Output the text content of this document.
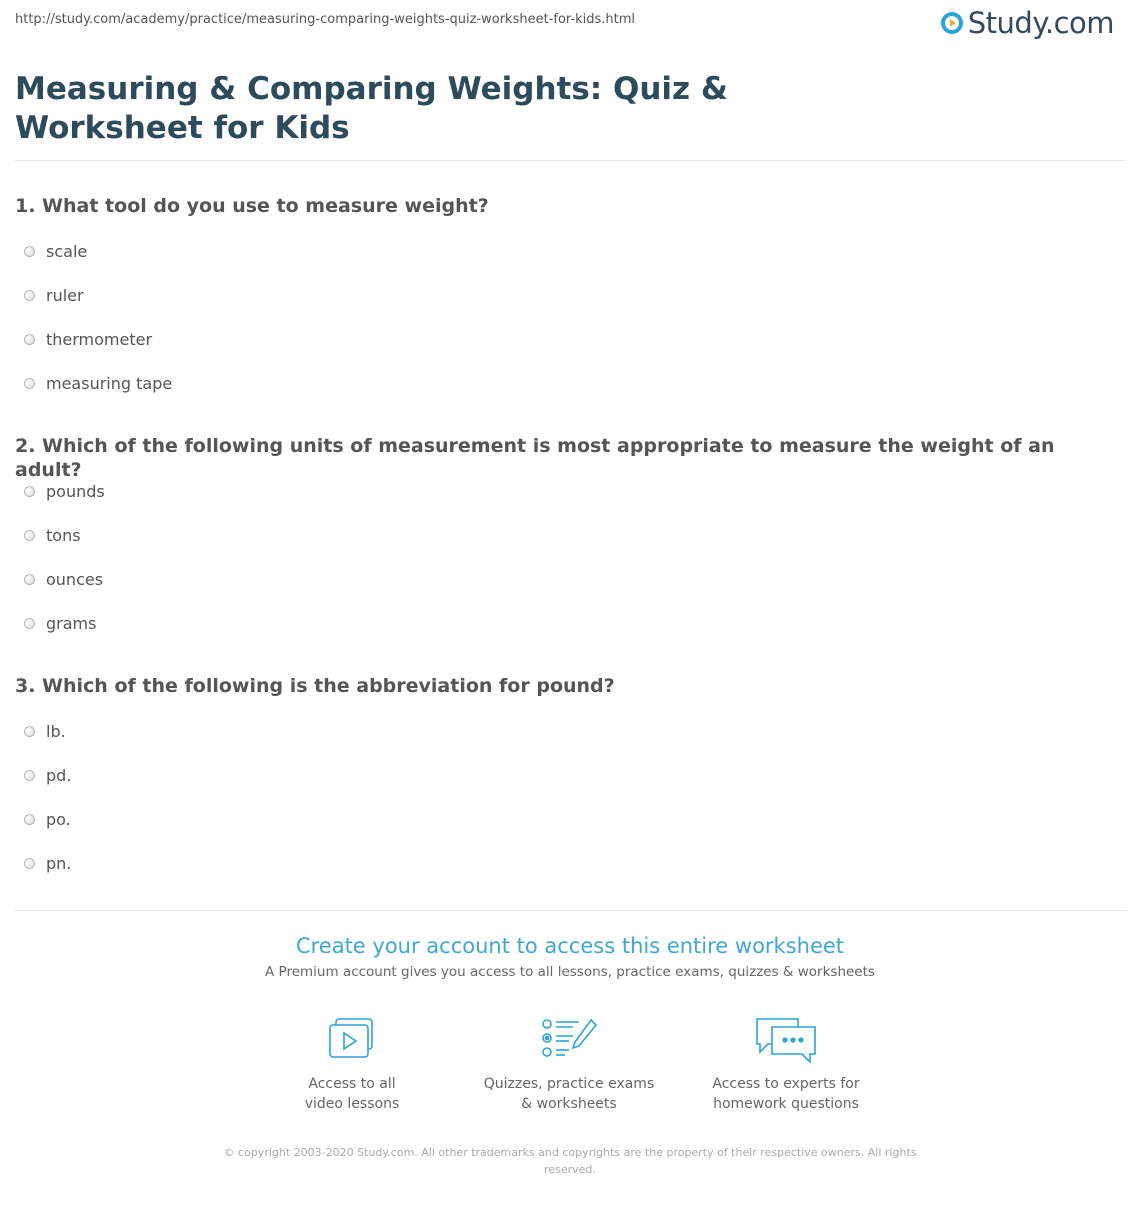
http://study.com/academy/practice/measuring-comparing-weights-quiz-worksheet-for-kids.html	Study.com
Measuring & Comparing Weights: Quiz & Worksheet for Kids

1. What tool do you use to measure weight?

scale
ruler
thermometer
measuring tape

2. Which of the following units of measurement is most appropriate to measure the weight of an adult?

pounds
tons
ounces
grams

3. Which of the following is the abbreviation for pound?

lb.
pd.
po.
pn.
Create your account to access this entire worksheet
A Premium account gives you access to all lessons, practice exams, quizzes & worksheets
Access to all
video lessons
Quizzes, practice exams
& worksheets
Access to experts for
homework questions
© copyright 2003-2020 Study.com. All other trademarks and copyrights are the property of their respective owners. All rights reserved.
